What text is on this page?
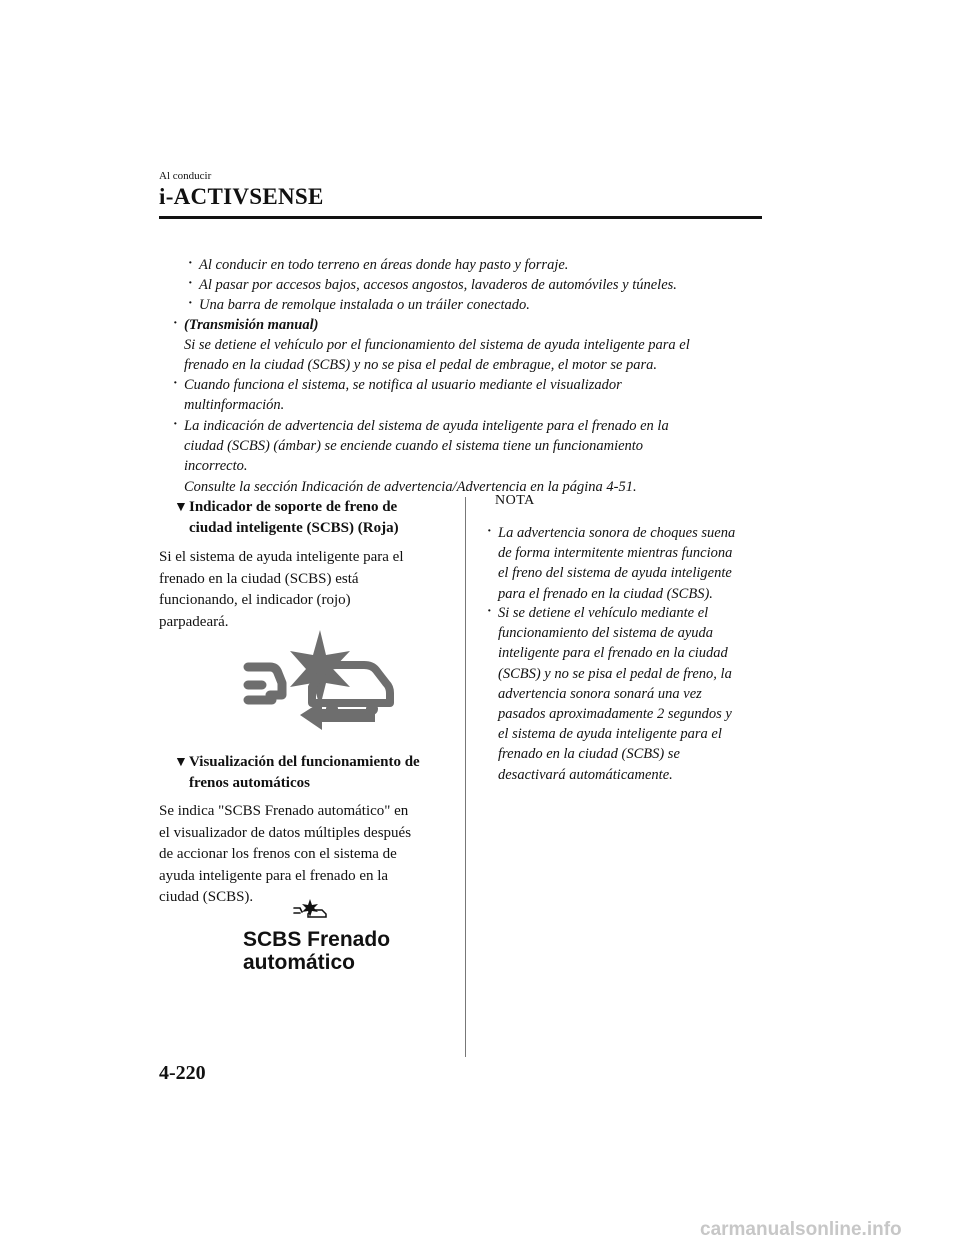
Al conducir
i-ACTIVSENSE
· Al conducir en todo terreno en áreas donde hay pasto y forraje.
· Al pasar por accesos bajos, accesos angostos, lavaderos de automóviles y túneles.
· Una barra de remolque instalada o un tráiler conectado.
· (Transmisión manual)
Si se detiene el vehículo por el funcionamiento del sistema de ayuda inteligente para el
frenado en la ciudad (SCBS) y no se pisa el pedal de embrague, el motor se para.
· Cuando funciona el sistema, se notifica al usuario mediante el visualizador
multinformación.
· La indicación de advertencia del sistema de ayuda inteligente para el frenado en la
ciudad (SCBS) (ámbar) se enciende cuando el sistema tiene un funcionamiento
incorrecto.
Consulte la sección Indicación de advertencia/Advertencia en la página 4-51.
▼ Indicador de soporte de freno de
ciudad inteligente (SCBS) (Roja)
Si el sistema de ayuda inteligente para el
frenado en la ciudad (SCBS) está
funcionando, el indicador (rojo)
parpadeará.
▼ Visualización del funcionamiento de
frenos automáticos
Se indica "SCBS Frenado automático" en
el visualizador de datos múltiples después
de accionar los frenos con el sistema de
ayuda inteligente para el frenado en la
ciudad (SCBS).
SCBS Frenado
automático
NOTA
· La advertencia sonora de choques suena
de forma intermitente mientras funciona
el freno del sistema de ayuda inteligente
para el frenado en la ciudad (SCBS).
· Si se detiene el vehículo mediante el
funcionamiento del sistema de ayuda
inteligente para el frenado en la ciudad
(SCBS) y no se pisa el pedal de freno, la
advertencia sonora sonará una vez
pasados aproximadamente 2 segundos y
el sistema de ayuda inteligente para el
frenado en la ciudad (SCBS) se
desactivará automáticamente.
4-220
carmanualsonline.info
